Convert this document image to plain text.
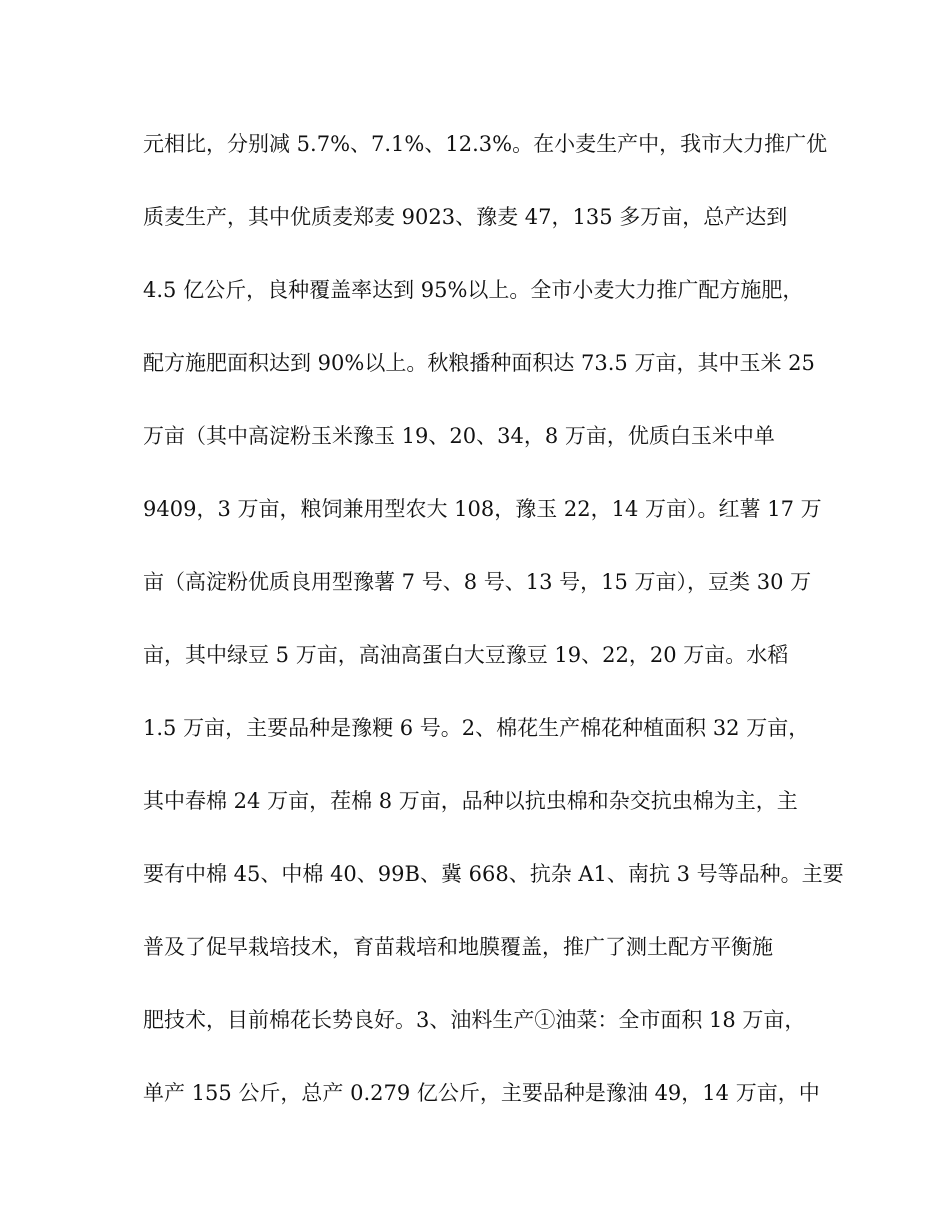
元相比，分别减 5.7%、7.1%、12.3%。在小麦生产中，我市大力推广优
质麦生产，其中优质麦郑麦 9023、豫麦 47，135 多万亩，总产达到
4.5 亿公斤，良种覆盖率达到 95%以上。全市小麦大力推广配方施肥，
配方施肥面积达到 90%以上。秋粮播种面积达 73.5 万亩，其中玉米 25
万亩（其中高淀粉玉米豫玉 19、20、34，8 万亩，优质白玉米中单
9409，3 万亩，粮饲兼用型农大 108，豫玉 22，14 万亩）。红薯 17 万
亩（高淀粉优质良用型豫薯 7 号、8 号、13 号，15 万亩），豆类 30 万
亩，其中绿豆 5 万亩，高油高蛋白大豆豫豆 19、22，20 万亩。水稻
1.5 万亩，主要品种是豫粳 6 号。2、棉花生产棉花种植面积 32 万亩，
其中春棉 24 万亩，茬棉 8 万亩，品种以抗虫棉和杂交抗虫棉为主，主
要有中棉 45、中棉 40、99B、冀 668、抗杂 A1、南抗 3 号等品种。主要
普及了促早栽培技术，育苗栽培和地膜覆盖，推广了测土配方平衡施
肥技术，目前棉花长势良好。3、油料生产①油菜：全市面积 18 万亩，
单产 155 公斤，总产 0.279 亿公斤，主要品种是豫油 49，14 万亩，中
